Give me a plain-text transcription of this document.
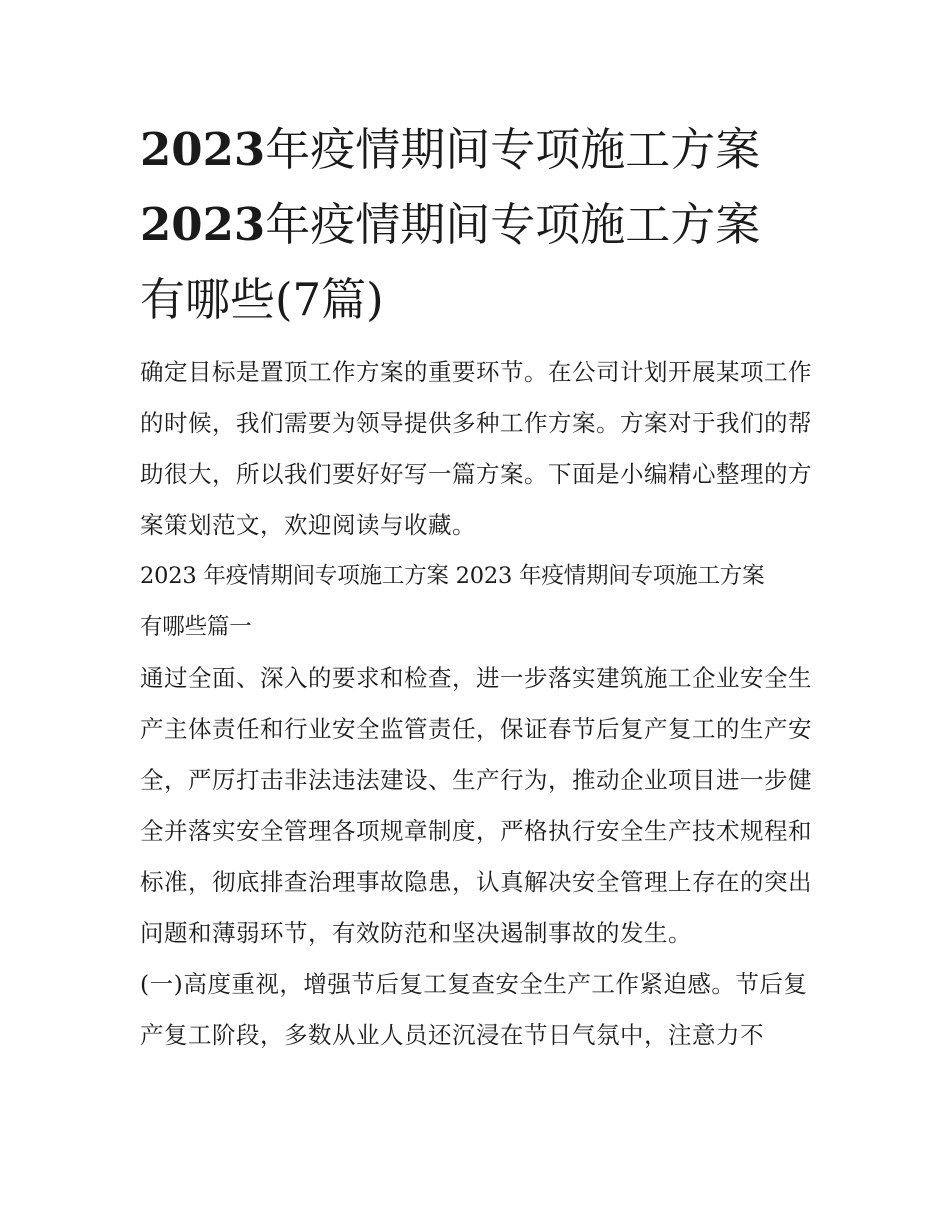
2023年疫情期间专项施工方案
2023年疫情期间专项施工方案
有哪些(7篇)

确定目标是置顶工作方案的重要环节。在公司计划开展某项工作的时候，我们需要为领导提供多种工作方案。方案对于我们的帮助很大，所以我们要好好写一篇方案。下面是小编精心整理的方案策划范文，欢迎阅读与收藏。

2023 年疫情期间专项施工方案 2023 年疫情期间专项施工方案

有哪些篇一

通过全面、深入的要求和检查，进一步落实建筑施工企业安全生产主体责任和行业安全监管责任，保证春节后复产复工的生产安全，严厉打击非法违法建设、生产行为，推动企业项目进一步健全并落实安全管理各项规章制度，严格执行安全生产技术规程和标准，彻底排查治理事故隐患，认真解决安全管理上存在的突出问题和薄弱环节，有效防范和坚决遏制事故的发生。

(一)高度重视，增强节后复工复查安全生产工作紧迫感。节后复产复工阶段，多数从业人员还沉浸在节日气氛中，注意力不
